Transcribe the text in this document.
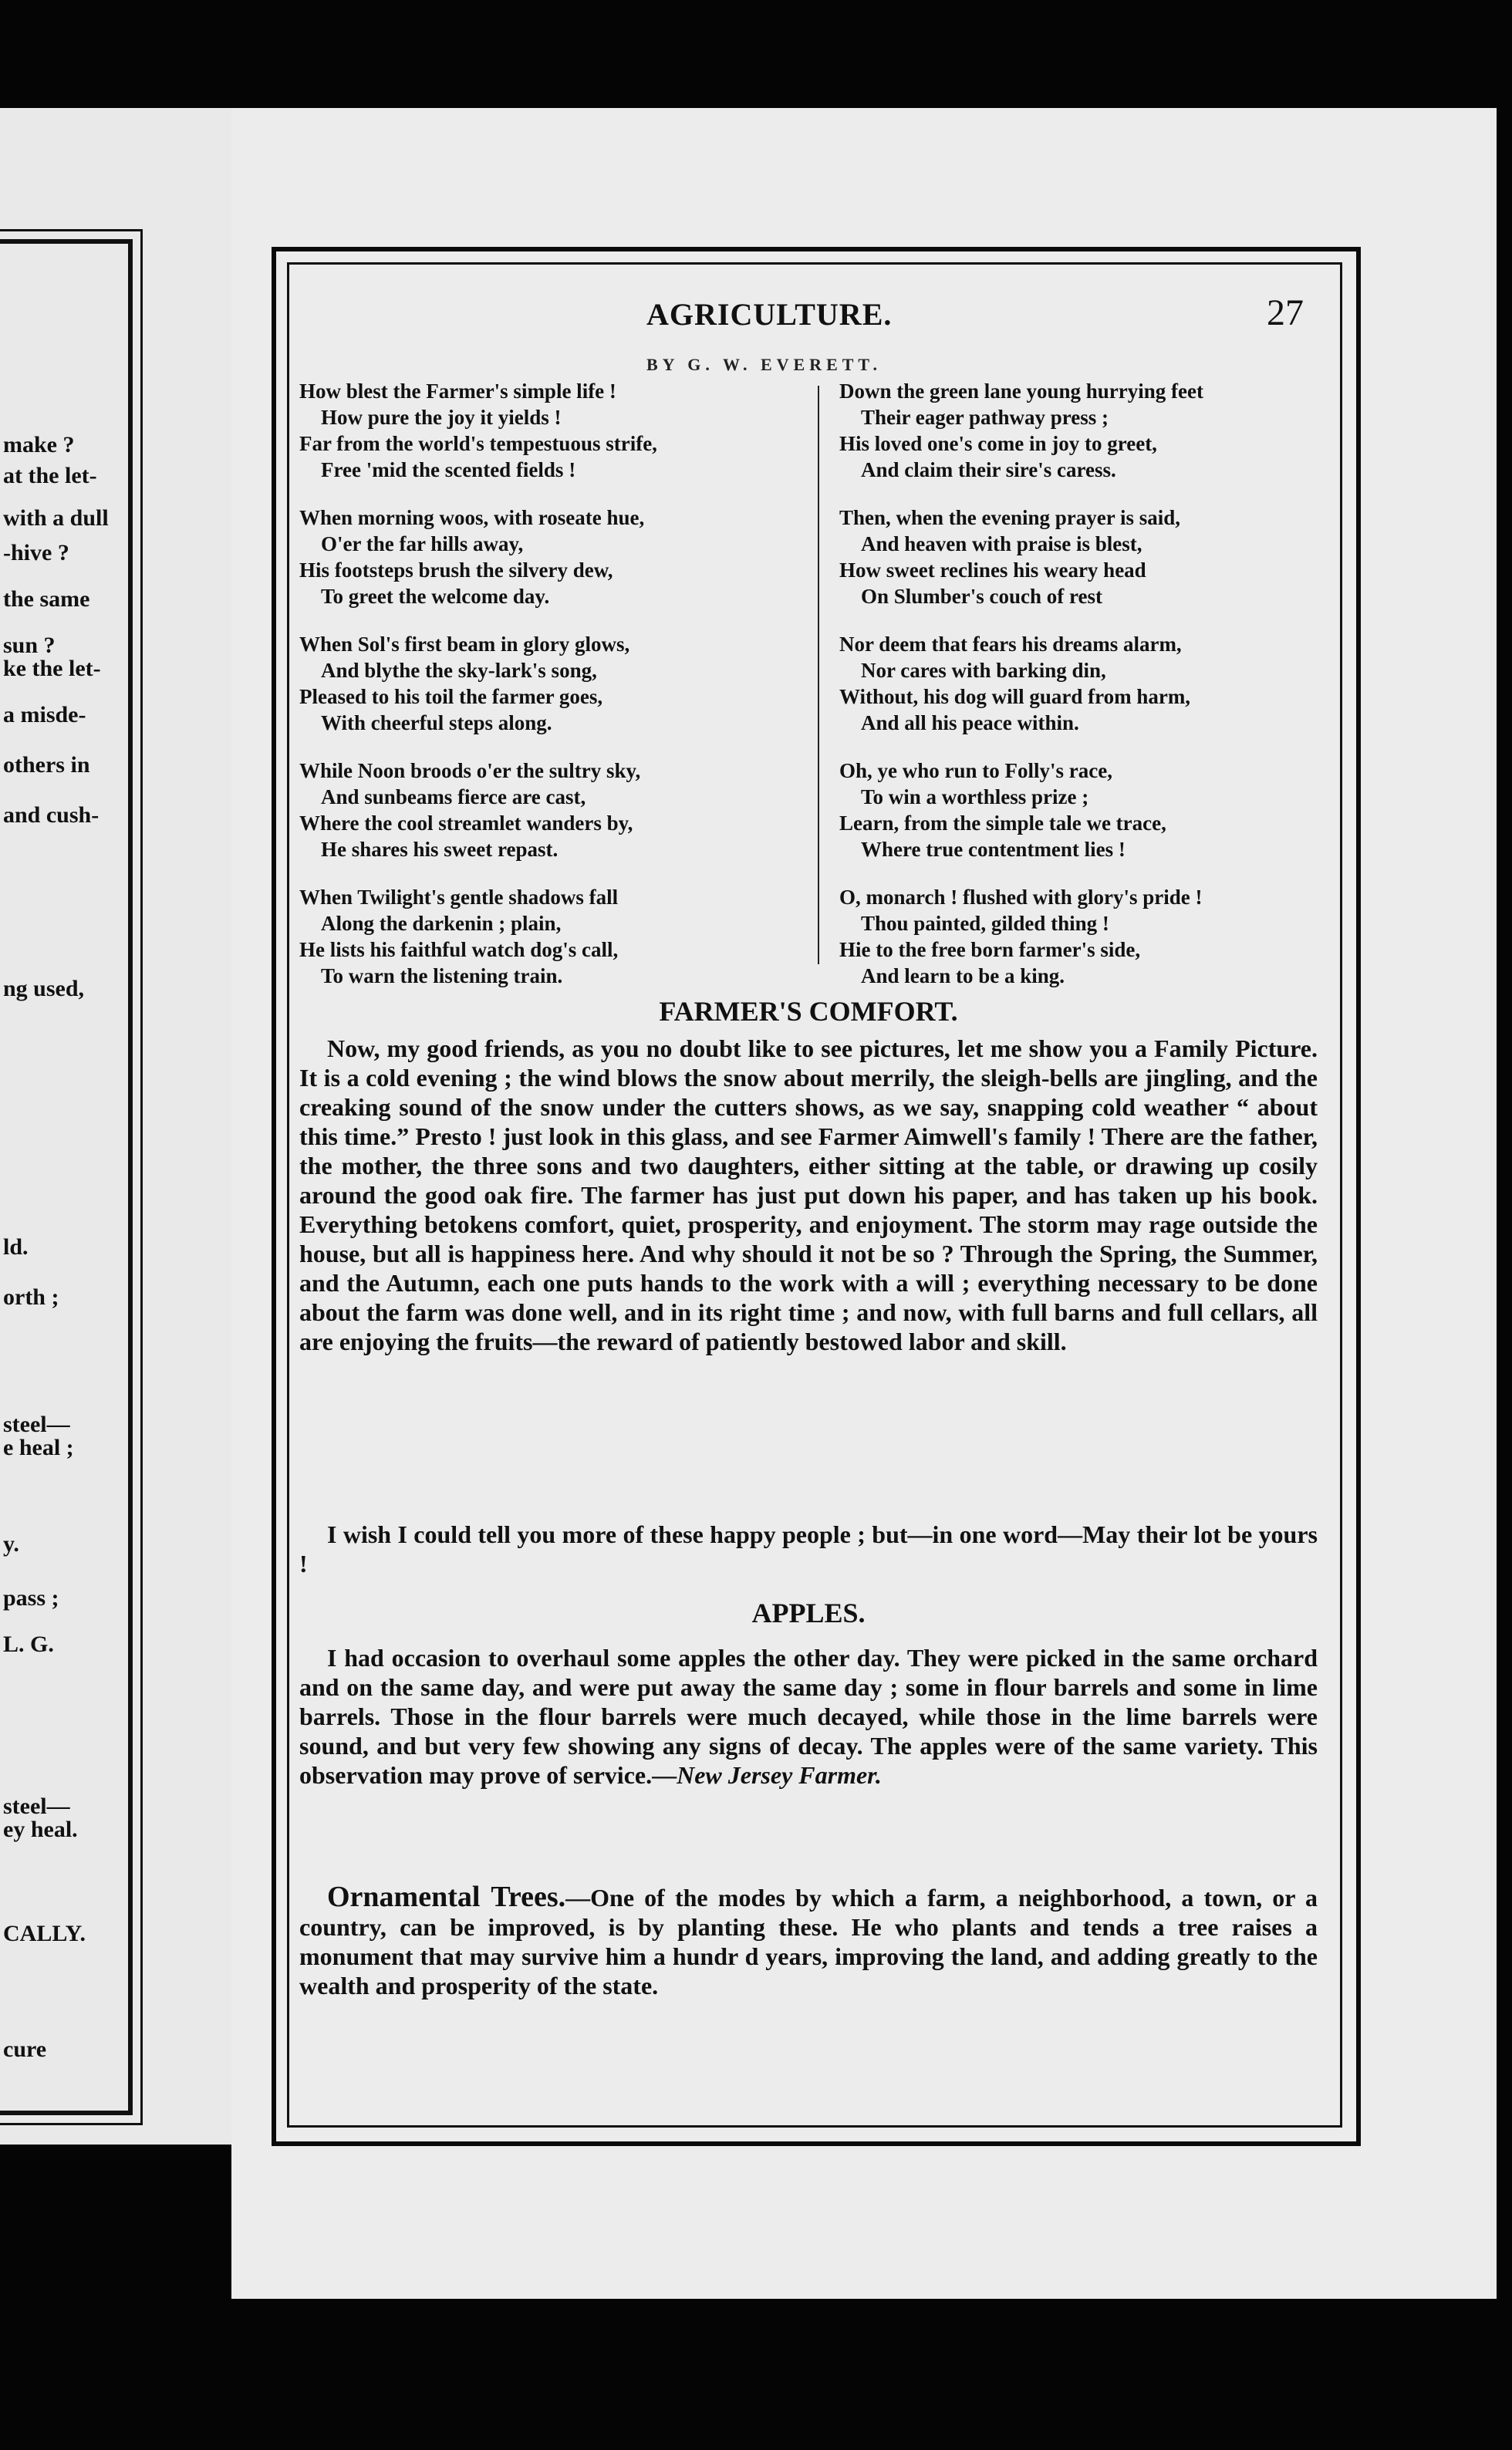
make ?
at the let-
with a dull
-hive ?
the same
sun ?
ke the let-
a misde-
others in
and cush-
ng used,
ld.
orth ;
steel—
e heal ;
y.
pass ;
L. G.
steel—
ey heal.
CALLY.
cure
AGRICULTURE.	27
BY G. W. EVERETT.
How blest the Farmer's simple life !
How pure the joy it yields !
Far from the world's tempestuous strife,
Free 'mid the scented fields !
When morning woos, with roseate hue,
O'er the far hills away,
His footsteps brush the silvery dew,
To greet the welcome day.
When Sol's first beam in glory glows,
And blythe the sky-lark's song,
Pleased to his toil the farmer goes,
With cheerful steps along.
While Noon broods o'er the sultry sky,
And sunbeams fierce are cast,
Where the cool streamlet wanders by,
He shares his sweet repast.
When Twilight's gentle shadows fall
Along the darkenin ; plain,
He lists his faithful watch dog's call,
To warn the listening train.
Down the green lane young hurrying feet
Their eager pathway press ;
His loved one's come in joy to greet,
And claim their sire's caress.
Then, when the evening prayer is said,
And heaven with praise is blest,
How sweet reclines his weary head
On Slumber's couch of rest
Nor deem that fears his dreams alarm,
Nor cares with barking din,
Without, his dog will guard from harm,
And all his peace within.
Oh, ye who run to Folly's race,
To win a worthless prize ;
Learn, from the simple tale we trace,
Where true contentment lies !
O, monarch ! flushed with glory's pride !
Thou painted, gilded thing !
Hie to the free born farmer's side,
And learn to be a king.
FARMER'S COMFORT.
Now, my good friends, as you no doubt like to see pictures, let me show you a Family Picture. It is a cold evening ; the wind blows the snow about merrily, the sleigh-bells are jingling, and the creaking sound of the snow under the cutters shows, as we say, snapping cold weather “ about this time.” Presto ! just look in this glass, and see Farmer Aimwell's family ! There are the father, the mother, the three sons and two daughters, either sitting at the table, or drawing up cosily around the good oak fire. The farmer has just put down his paper, and has taken up his book. Everything betokens comfort, quiet, prosperity, and enjoyment. The storm may rage outside the house, but all is happiness here. And why should it not be so ? Through the Spring, the Summer, and the Autumn, each one puts hands to the work with a will ; everything necessary to be done about the farm was done well, and in its right time ; and now, with full barns and full cellars, all are enjoying the fruits—the reward of patiently bestowed labor and skill.
I wish I could tell you more of these happy people ; but—in one word—May their lot be yours !
APPLES.
I had occasion to overhaul some apples the other day. They were picked in the same orchard and on the same day, and were put away the same day ; some in flour barrels and some in lime barrels. Those in the flour barrels were much decayed, while those in the lime barrels were sound, and but very few showing any signs of decay. The apples were of the same variety. This observation may prove of service.—New Jersey Farmer.
Ornamental Trees.—One of the modes by which a farm, a neighborhood, a town, or a country, can be improved, is by planting these. He who plants and tends a tree raises a monument that may survive him a hundr d years, improving the land, and adding greatly to the wealth and prosperity of the state.
